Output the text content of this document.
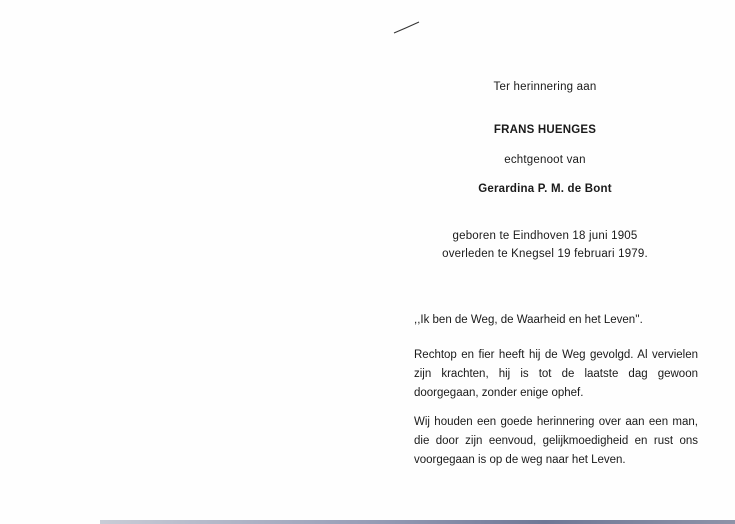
Ter herinnering aan
FRANS HUENGES
echtgenoot van
Gerardina P. M. de Bont
geboren te Eindhoven 18 juni 1905
overleden te Knegsel 19 februari 1979.
,,Ik ben de Weg, de Waarheid en het Leven''.
Rechtop en fier heeft hij de Weg gevolgd. Al vervielen zijn krachten, hij is tot de laatste dag gewoon doorgegaan, zonder enige ophef.
Wij houden een goede herinnering over aan een man, die door zijn eenvoud, gelijkmoedigheid en rust ons voorgegaan is op de weg naar het Leven.
